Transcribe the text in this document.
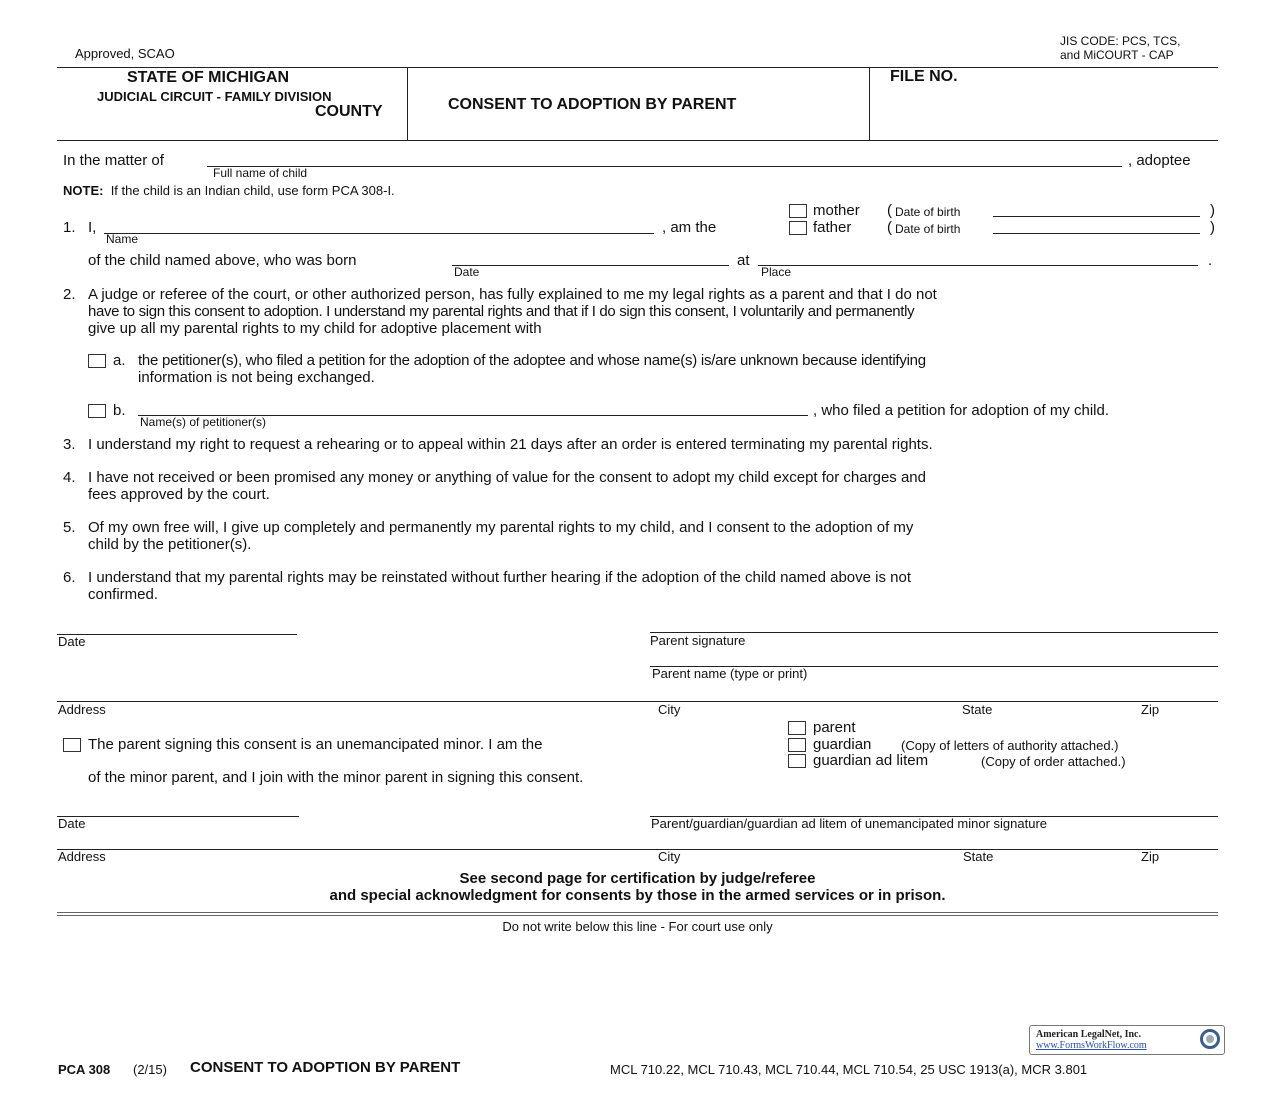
Approved, SCAO
JIS CODE: PCS, TCS,
and MiCOURT - CAP
STATE OF MICHIGAN
JUDICIAL CIRCUIT - FAMILY DIVISION
COUNTY	CONSENT TO ADOPTION BY PARENT
FILE NO.
In the matter of
Full name of child
, adoptee
NOTE: If the child is an Indian child, use form PCA 308-I.
1. I,
Name
, am the
mother ( Date of birth	)
father ( Date of birth	)
of the child named above, who was born
Date
at
Place
.
2. A judge or referee of the court, or other authorized person, has fully explained to me my legal rights as a parent and that I do not
have to sign this consent to adoption. I understand my parental rights and that if I do sign this consent, I voluntarily and permanently
give up all my parental rights to my child for adoptive placement with
a. the petitioner(s), who filed a petition for the adoption of the adoptee and whose name(s) is/are unknown because identifying
information is not being exchanged.
b.
Name(s) of petitioner(s)
, who filed a petition for adoption of my child.
3. I understand my right to request a rehearing or to appeal within 21 days after an order is entered terminating my parental rights.
4. I have not received or been promised any money or anything of value for the consent to adopt my child except for charges and
fees approved by the court.
5. Of my own free will, I give up completely and permanently my parental rights to my child, and I consent to the adoption of my
child by the petitioner(s).
6. I understand that my parental rights may be reinstated without further hearing if the adoption of the child named above is not
confirmed.
Date	Parent signature
Parent name (type or print)
Address	City	State	Zip
The parent signing this consent is an unemancipated minor. I am the
of the minor parent, and I join with the minor parent in signing this consent.
parent
guardian (Copy of letters of authority attached.)
guardian ad litem	(Copy of order attached.)
Date	Parent/guardian/guardian ad litem of unemancipated minor signature
Address	City	State	Zip
See second page for certification by judge/referee
and special acknowledgment for consents by those in the armed services or in prison.
Do not write below this line - For court use only
American LegalNet, Inc.
www.FormsWorkFlow.com
PCA 308 (2/15) CONSENT TO ADOPTION BY PARENT	MCL 710.22, MCL 710.43, MCL 710.44, MCL 710.54, 25 USC 1913(a), MCR 3.801
